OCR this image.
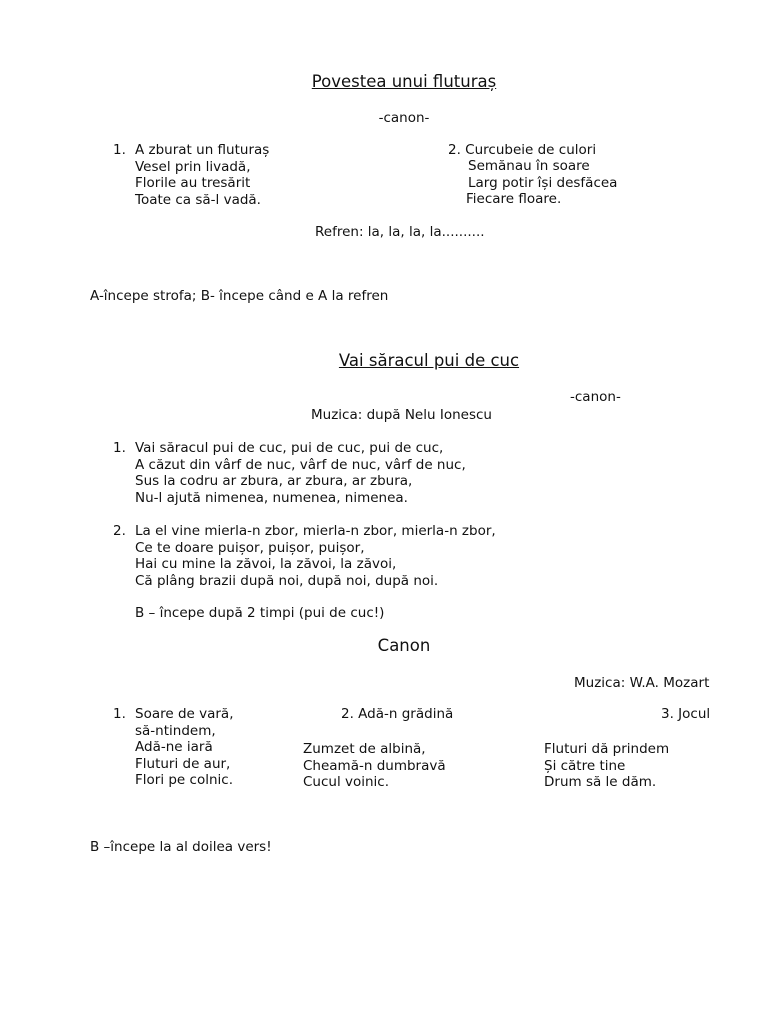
Povestea unui fluturaș
-canon-
1. A zburat un fluturaș
Vesel prin livadă,
Florile au tresărit
Toate ca să-l vadă.
2. Curcubeie de culori
Semănau în soare
Larg potir își desfăcea
Fiecare floare.
Refren: la, la, la, la..........
A-începe strofa; B- începe când e A la refren
Vai săracul pui de cuc
-canon-
Muzica: după Nelu Ionescu
1. Vai săracul pui de cuc, pui de cuc, pui de cuc,
A căzut din vârf de nuc, vârf de nuc, vârf de nuc,
Sus la codru ar zbura, ar zbura, ar zbura,
Nu-l ajută nimenea, numenea, nimenea.
2. La el vine mierla-n zbor, mierla-n zbor, mierla-n zbor,
Ce te doare puișor, puișor, puișor,
Hai cu mine la zăvoi, la zăvoi, la zăvoi,
Că plâng brazii după noi, după noi, după noi.
B – începe după 2 timpi (pui de cuc!)
Canon
Muzica: W.A. Mozart
1. Soare de vară,
să-ntindem,
Adă-ne iară
Fluturi de aur,
Flori pe colnic.
2. Adă-n grădină
Zumzet de albină,
Cheamă-n dumbravă
Cucul voinic.
3. Jocul
Fluturi dă prindem
Și către tine
Drum să le dăm.
B –începe la al doilea vers!
